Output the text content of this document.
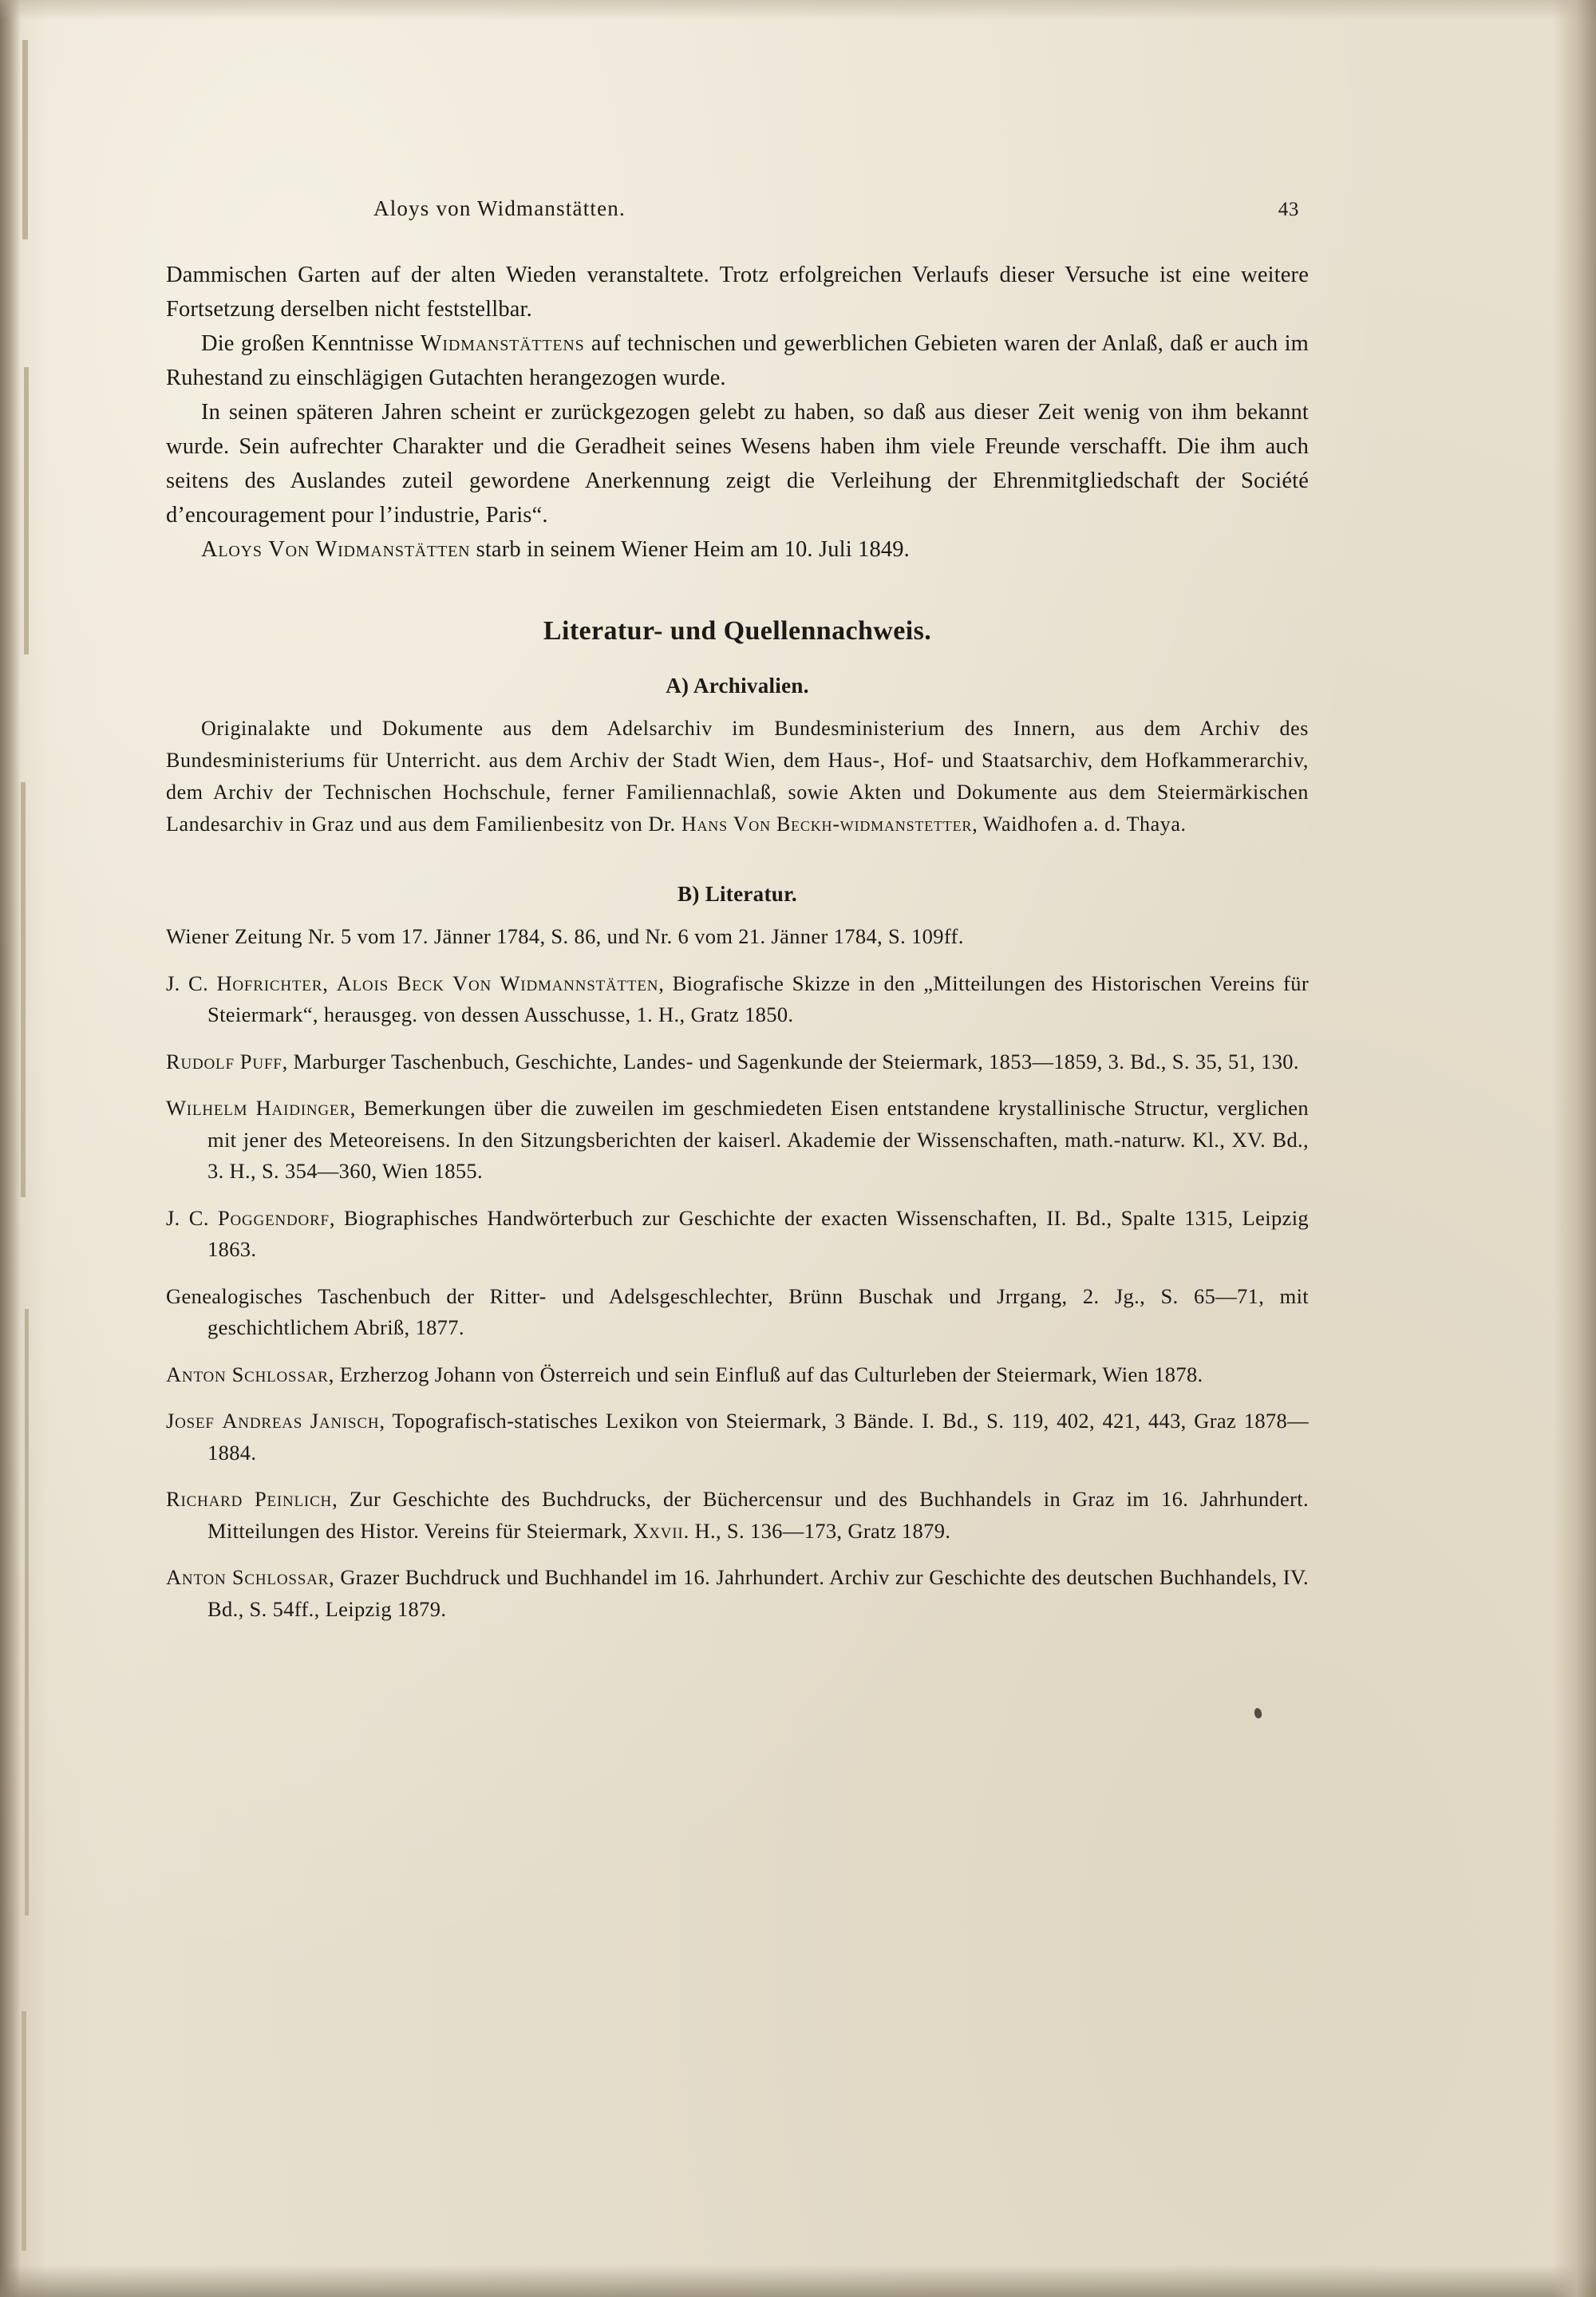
Aloys von Widmanstätten.	43

Dammischen Garten auf der alten Wieden veranstaltete. Trotz erfolgreichen Verlaufs dieser Versuche ist eine weitere Fortsetzung derselben nicht feststellbar.

Die großen Kenntnisse Widmanstättens auf technischen und gewerblichen Gebieten waren der Anlaß, daß er auch im Ruhestand zu einschlägigen Gutachten herangezogen wurde.

In seinen späteren Jahren scheint er zurückgezogen gelebt zu haben, so daß aus dieser Zeit wenig von ihm bekannt wurde. Sein aufrechter Charakter und die Geradheit seines Wesens haben ihm viele Freunde verschafft. Die ihm auch seitens des Auslandes zuteil gewordene Anerkennung zeigt die Verleihung der Ehrenmitgliedschaft der Société d’encouragement pour l’industrie, Paris“.

Aloys Von Widmanstätten starb in seinem Wiener Heim am 10. Juli 1849.

Literatur- und Quellennachweis.
A) Archivalien.

Originalakte und Dokumente aus dem Adelsarchiv im Bundesministerium des Innern, aus dem Archiv des Bundesministeriums für Unterricht. aus dem Archiv der Stadt Wien, dem Haus-, Hof- und Staatsarchiv, dem Hofkammerarchiv, dem Archiv der Technischen Hochschule, ferner Familiennachlaß, sowie Akten und Dokumente aus dem Steiermärkischen Landesarchiv in Graz und aus dem Familienbesitz von Dr. Hans Von Beckh-widmanstetter, Waidhofen a. d. Thaya.

B) Literatur.
Wiener Zeitung Nr. 5 vom 17. Jänner 1784, S. 86, und Nr. 6 vom 21. Jänner 1784, S. 109ff.
J. C. Hofrichter, Alois Beck Von Widmannstätten, Biografische Skizze in den „Mitteilungen des Historischen Vereins für Steiermark“, herausgeg. von dessen Ausschusse, 1. H., Gratz 1850.
Rudolf Puff, Marburger Taschenbuch, Geschichte, Landes- und Sagenkunde der Steiermark, 1853—1859, 3. Bd., S. 35, 51, 130.
Wilhelm Haidinger, Bemerkungen über die zuweilen im geschmiedeten Eisen entstandene krystallinische Structur, verglichen mit jener des Meteoreisens. In den Sitzungsberichten der kaiserl. Akademie der Wissenschaften, math.-naturw. Kl., XV. Bd., 3. H., S. 354—360, Wien 1855.
J. C. Poggendorf, Biographisches Handwörterbuch zur Geschichte der exacten Wissenschaften, II. Bd., Spalte 1315, Leipzig 1863.
Genealogisches Taschenbuch der Ritter- und Adelsgeschlechter, Brünn Buschak und Jrrgang, 2. Jg., S. 65—71, mit geschichtlichem Abriß, 1877.
Anton Schlossar, Erzherzog Johann von Österreich und sein Einfluß auf das Culturleben der Steiermark, Wien 1878.
Josef Andreas Janisch, Topografisch-statisches Lexikon von Steiermark, 3 Bände. I. Bd., S. 119, 402, 421, 443, Graz 1878—1884.
Richard Peinlich, Zur Geschichte des Buchdrucks, der Büchercensur und des Buchhandels in Graz im 16. Jahrhundert. Mitteilungen des Histor. Vereins für Steiermark, Xxvii. H., S. 136—173, Gratz 1879.
Anton Schlossar, Grazer Buchdruck und Buchhandel im 16. Jahrhundert. Archiv zur Geschichte des deutschen Buchhandels, IV. Bd., S. 54ff., Leipzig 1879.
